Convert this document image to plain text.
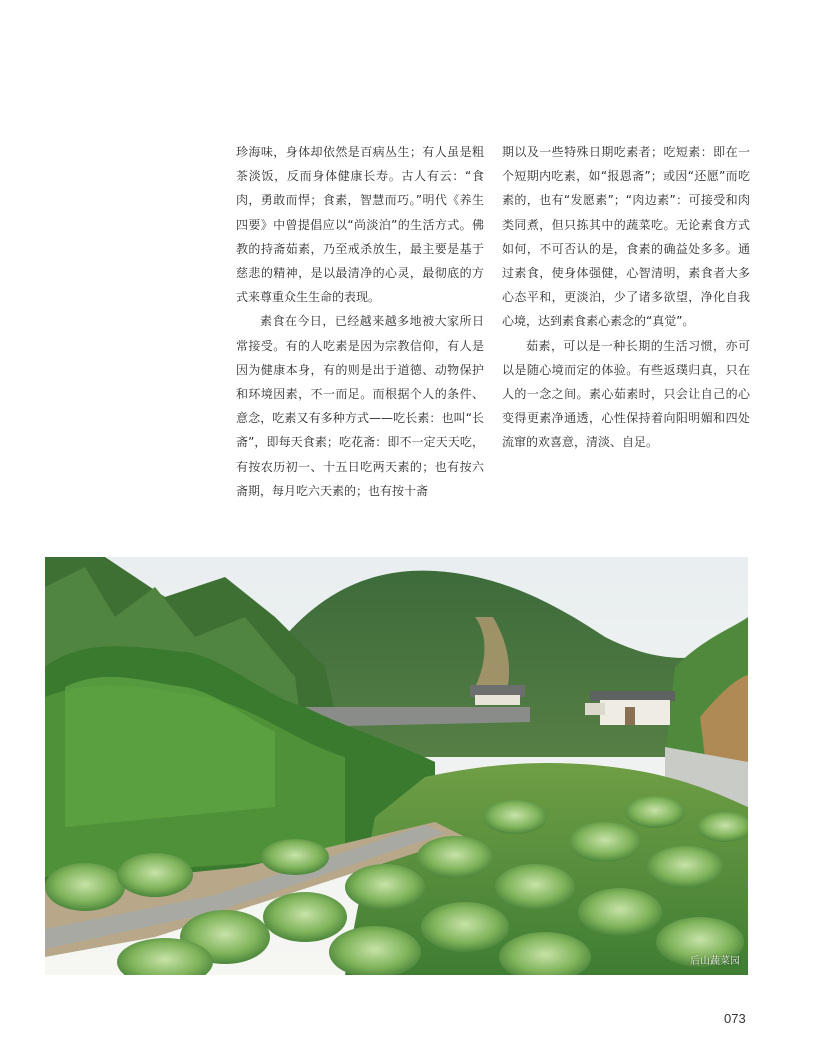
珍海味，身体却依然是百病丛生；有人虽是粗茶淡饭，反而身体健康长寿。古人有云：“食肉，勇敢而悍；食素，智慧而巧。”明代《养生四要》中曾提倡应以“尚淡泊”的生活方式。佛教的持斋茹素，乃至戒杀放生，最主要是基于慈悲的精神，是以最清净的心灵，最彻底的方式来尊重众生生命的表现。

素食在今日，已经越来越多地被大家所日常接受。有的人吃素是因为宗教信仰，有人是因为健康本身，有的则是出于道德、动物保护和环境因素，不一而足。而根据个人的条件、意念，吃素又有多种方式——吃长素：也叫“长斋”，即每天食素；吃花斋：即不一定天天吃，有按农历初一、十五日吃两天素的；也有按六斋期，每月吃六天素的；也有按十斋

期以及一些特殊日期吃素者；吃短素：即在一个短期内吃素，如“报恩斋”；或因“还愿”而吃素的，也有“发愿素”；“肉边素”：可接受和肉类同煮，但只拣其中的蔬菜吃。无论素食方式如何，不可否认的是，食素的确益处多多。通过素食，使身体强健，心智清明，素食者大多心态平和，更淡泊，少了诸多欲望，净化自我心境，达到素食素心素念的“真觉”。

茹素，可以是一种长期的生活习惯，亦可以是随心境而定的体验。有些返璞归真，只在人的一念之间。素心茹素时，只会让自己的心变得更素净通透，心性保持着向阳明媚和四处流窜的欢喜意，清淡、自足。

后山蔬菜园
073
